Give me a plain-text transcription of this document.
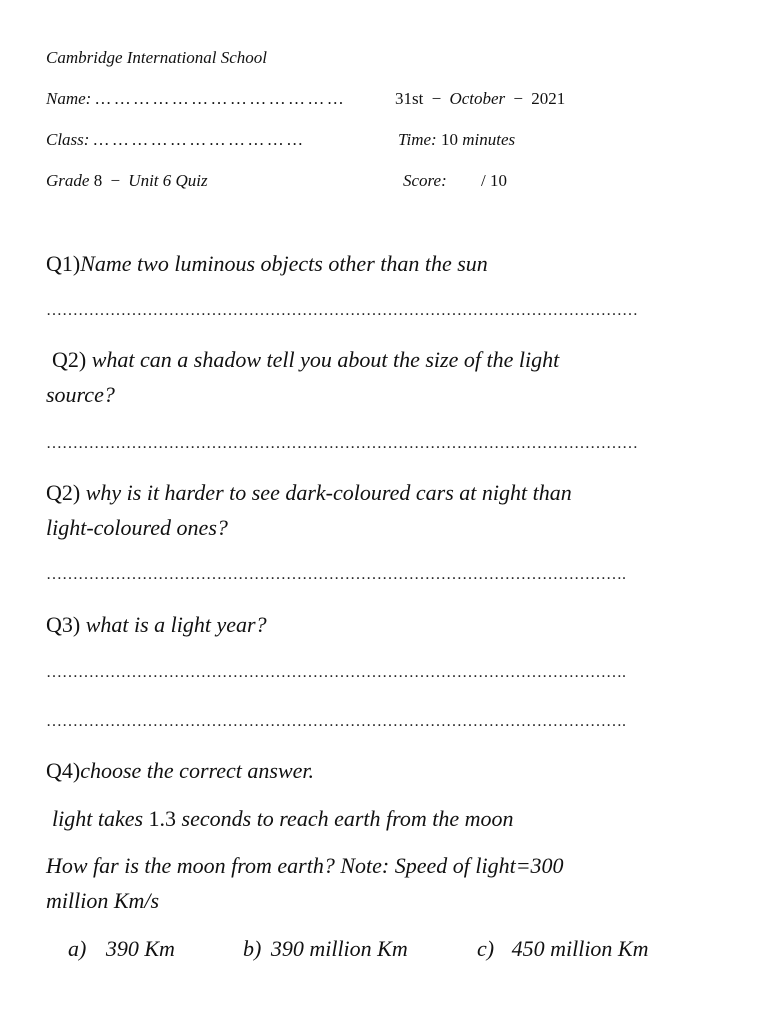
Cambridge International School
Name: … … … … … … … … … … … … …	31st − October − 2021
Class: … … … … … … … … … … …	Time: 10 minutes
Grade 8 − Unit 6 Quiz	Score: / 10
Q1)Name two luminous objects other than the sun
…………………………………………………………………………………………………
Q2) what can a shadow tell you about the size of the light
source?
…………………………………………………………………………………………………
Q2) why is it harder to see dark-coloured cars at night than
light-coloured ones?
……………………………………………………………………………………………….
Q3) what is a light year?
……………………………………………………………………………………………….
……………………………………………………………………………………………….
Q4)choose the correct answer.
light takes 1.3 seconds to reach earth from the moon
How far is the moon from earth? Note: Speed of light=300
million Km/s
a) 390 Km	b) 390 million Km	c) 450 million Km
